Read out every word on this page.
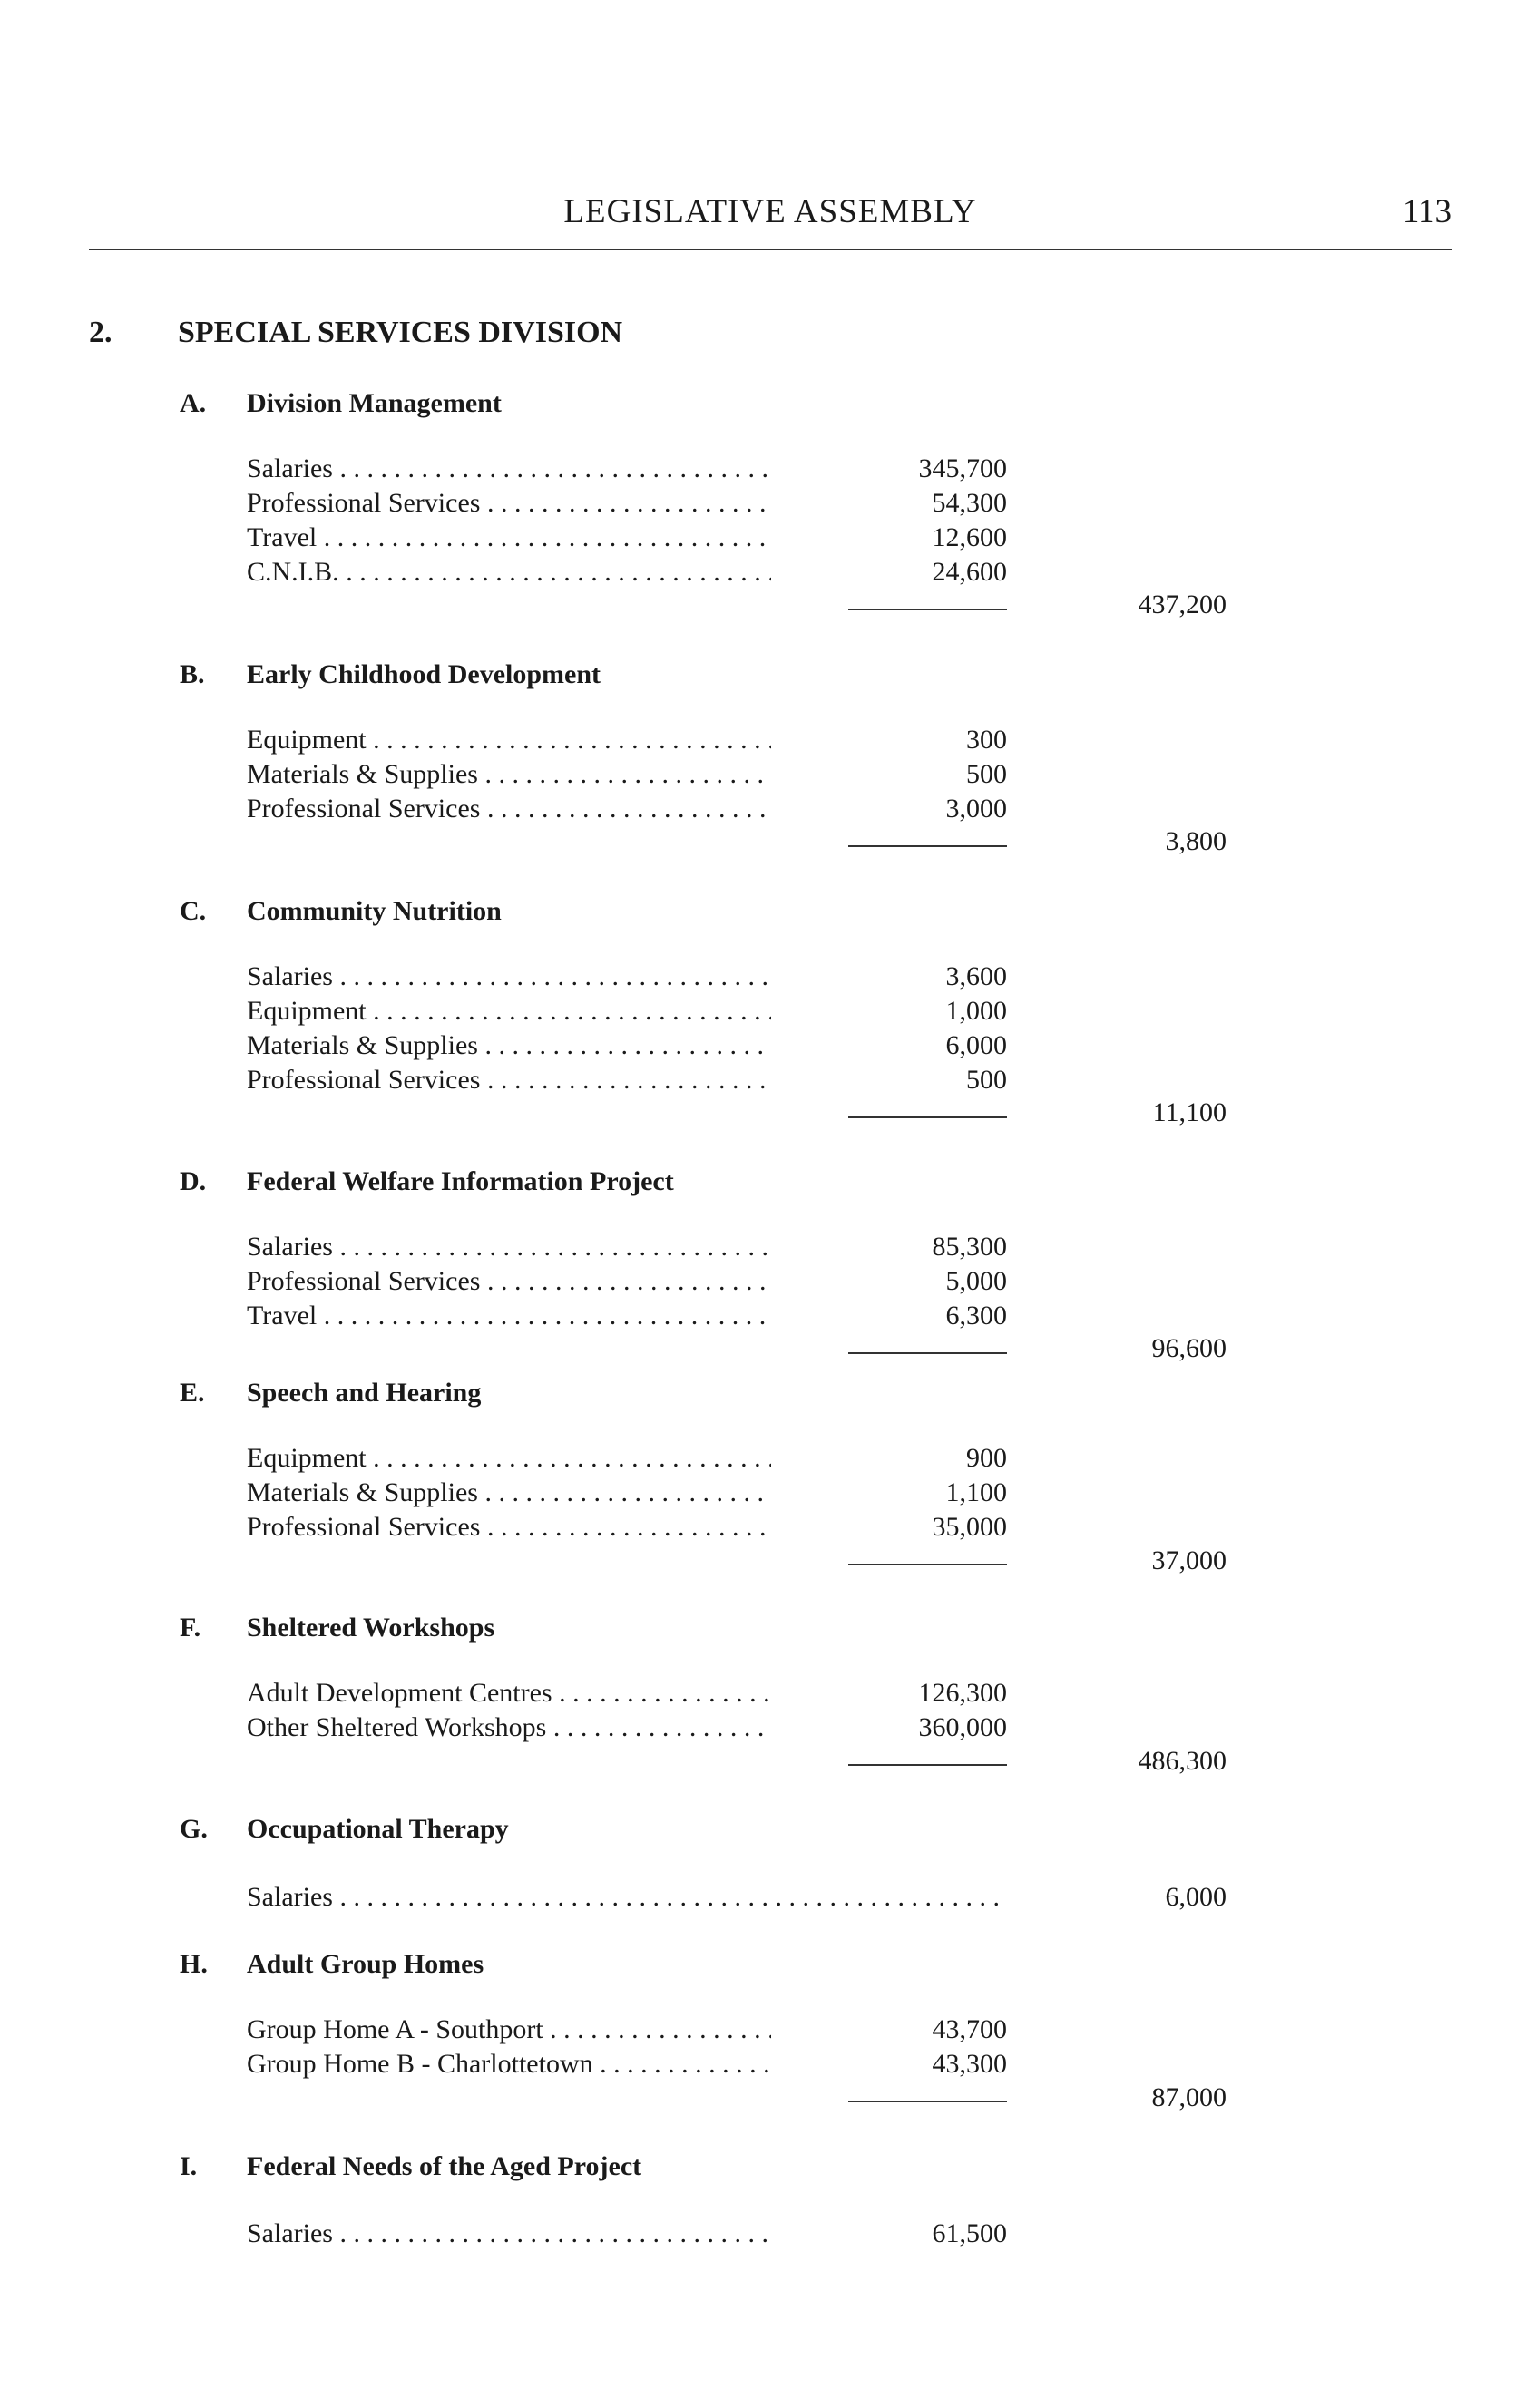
LEGISLATIVE ASSEMBLY	113
2. SPECIAL SERVICES DIVISION
A. Division Management
Salaries . . .	345,700
Professional Services . . .	54,300
Travel . . .	12,600
C.N.I.B. . . .	24,600
437,200
B. Early Childhood Development
Equipment . . .	300
Materials & Supplies . . .	500
Professional Services . . .	3,000
3,800
C. Community Nutrition
Salaries . . .	3,600
Equipment . . .	1,000
Materials & Supplies . . .	6,000
Professional Services . . .	500
11,100
D. Federal Welfare Information Project
Salaries . . .	85,300
Professional Services . . .	5,000
Travel . . .	6,300
96,600
E. Speech and Hearing
Equipment . . .	900
Materials & Supplies . . .	1,100
Professional Services . . .	35,000
37,000
F. Sheltered Workshops
Adult Development Centres . . .	126,300
Other Sheltered Workshops . . .	360,000
486,300
G. Occupational Therapy
Salaries . . .	6,000
H. Adult Group Homes
Group Home A - Southport . . .	43,700
Group Home B - Charlottetown . . .	43,300
87,000
I. Federal Needs of the Aged Project
Salaries . . .	61,500
